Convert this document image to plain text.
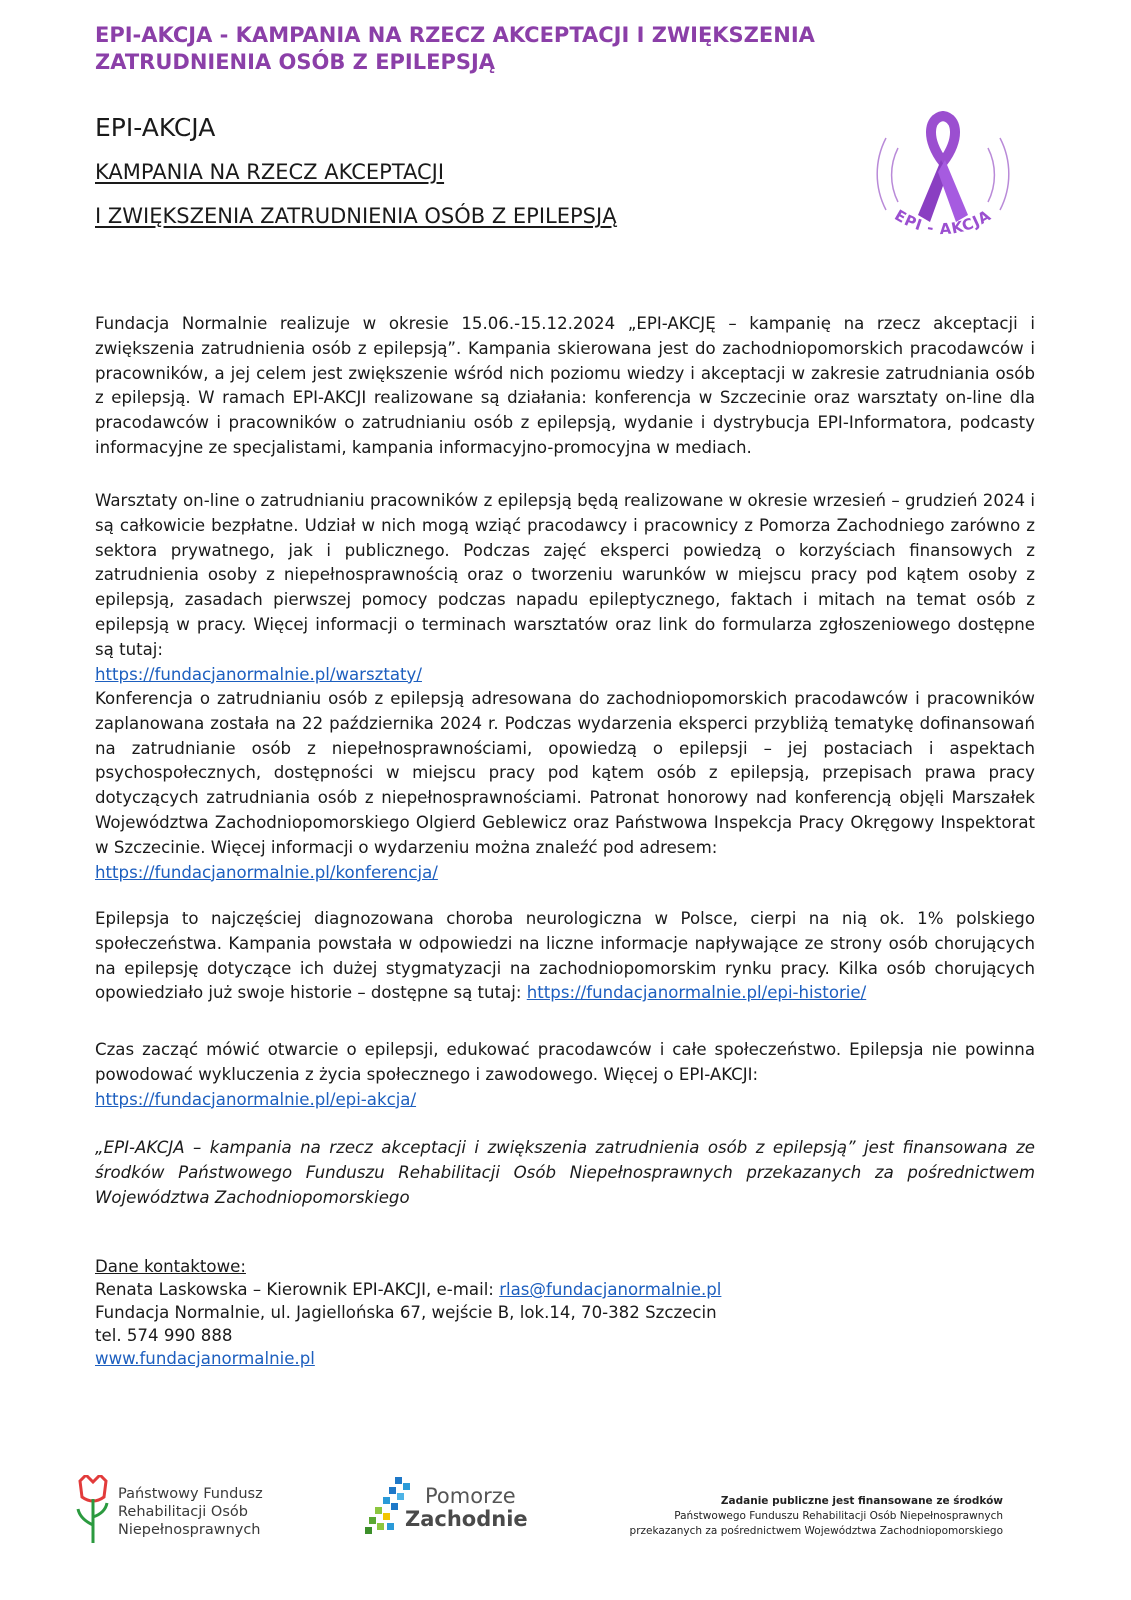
EPI-AKCJA - KAMPANIA NA RZECZ AKCEPTACJI I ZWIĘKSZENIA ZATRUDNIENIA OSÓB Z EPILEPSJĄ
EPI-AKCJA
KAMPANIA NA RZECZ AKCEPTACJI
I ZWIĘKSZENIA ZATRUDNIENIA OSÓB Z EPILEPSJĄ	EPI - AKCJA

Fundacja Normalnie realizuje w okresie 15.06.-15.12.2024 „EPI-AKCJĘ – kampanię na rzecz akceptacji i zwiększenia zatrudnienia osób z epilepsją”. Kampania skierowana jest do zachodniopomorskich pracodawców i pracowników, a jej celem jest zwiększenie wśród nich poziomu wiedzy i akceptacji w zakresie zatrudniania osób z epilepsją. W ramach EPI-AKCJI realizowane są działania: konferencja w Szczecinie oraz warsztaty on-line dla pracodawców i pracowników o zatrudnianiu osób z epilepsją, wydanie i dystrybucja EPI-Informatora, podcasty informacyjne ze specjalistami, kampania informacyjno-promocyjna w mediach.

Warsztaty on-line o zatrudnianiu pracowników z epilepsją będą realizowane w okresie wrzesień – grudzień 2024 i są całkowicie bezpłatne. Udział w nich mogą wziąć pracodawcy i pracownicy z Pomorza Zachodniego zarówno z sektora prywatnego, jak i publicznego. Podczas zajęć eksperci powiedzą o korzyściach finansowych z zatrudnienia osoby z niepełnosprawnością oraz o tworzeniu warunków w miejscu pracy pod kątem osoby z epilepsją, zasadach pierwszej pomocy podczas napadu epileptycznego, faktach i mitach na temat osób z epilepsją w pracy. Więcej informacji o terminach warsztatów oraz link do formularza zgłoszeniowego dostępne są tutaj:
https://fundacjanormalnie.pl/warsztaty/
Konferencja o zatrudnianiu osób z epilepsją adresowana do zachodniopomorskich pracodawców i pracowników zaplanowana została na 22 października 2024 r. Podczas wydarzenia eksperci przybliżą tematykę dofinansowań na zatrudnianie osób z niepełnosprawnościami, opowiedzą o epilepsji – jej postaciach i aspektach psychospołecznych, dostępności w miejscu pracy pod kątem osób z epilepsją, przepisach prawa pracy dotyczących zatrudniania osób z niepełnosprawnościami. Patronat honorowy nad konferencją objęli Marszałek Województwa Zachodniopomorskiego Olgierd Geblewicz oraz Państwowa Inspekcja Pracy Okręgowy Inspektorat w Szczecinie. Więcej informacji o wydarzeniu można znaleźć pod adresem:
https://fundacjanormalnie.pl/konferencja/
Epilepsja to najczęściej diagnozowana choroba neurologiczna w Polsce, cierpi na nią ok. 1% polskiego społeczeństwa. Kampania powstała w odpowiedzi na liczne informacje napływające ze strony osób chorujących na epilepsję dotyczące ich dużej stygmatyzacji na zachodniopomorskim rynku pracy. Kilka osób chorujących opowiedziało już swoje historie – dostępne są tutaj: https://fundacjanormalnie.pl/epi-historie/
Czas zacząć mówić otwarcie o epilepsji, edukować pracodawców i całe społeczeństwo. Epilepsja nie powinna powodować wykluczenia z życia społecznego i zawodowego. Więcej o EPI-AKCJI:
https://fundacjanormalnie.pl/epi-akcja/

„EPI-AKCJA – kampania na rzecz akceptacji i zwiększenia zatrudnienia osób z epilepsją” jest finansowana ze środków Państwowego Funduszu Rehabilitacji Osób Niepełnosprawnych przekazanych za pośrednictwem Województwa Zachodniopomorskiego

Dane kontaktowe:
Renata Laskowska – Kierownik EPI-AKCJI, e-mail: rlas@fundacjanormalnie.pl
Fundacja Normalnie, ul. Jagiellońska 67, wejście B, lok.14, 70-382 Szczecin
tel. 574 990 888
www.fundacjanormalnie.pl
Państwowy Fundusz
Rehabilitacji Osób
Niepełnosprawnych
Pomorze
Zachodnie
Zadanie publiczne jest finansowane ze środków
Państwowego Funduszu Rehabilitacji Osób Niepełnosprawnych
przekazanych za pośrednictwem Województwa Zachodniopomorskiego
